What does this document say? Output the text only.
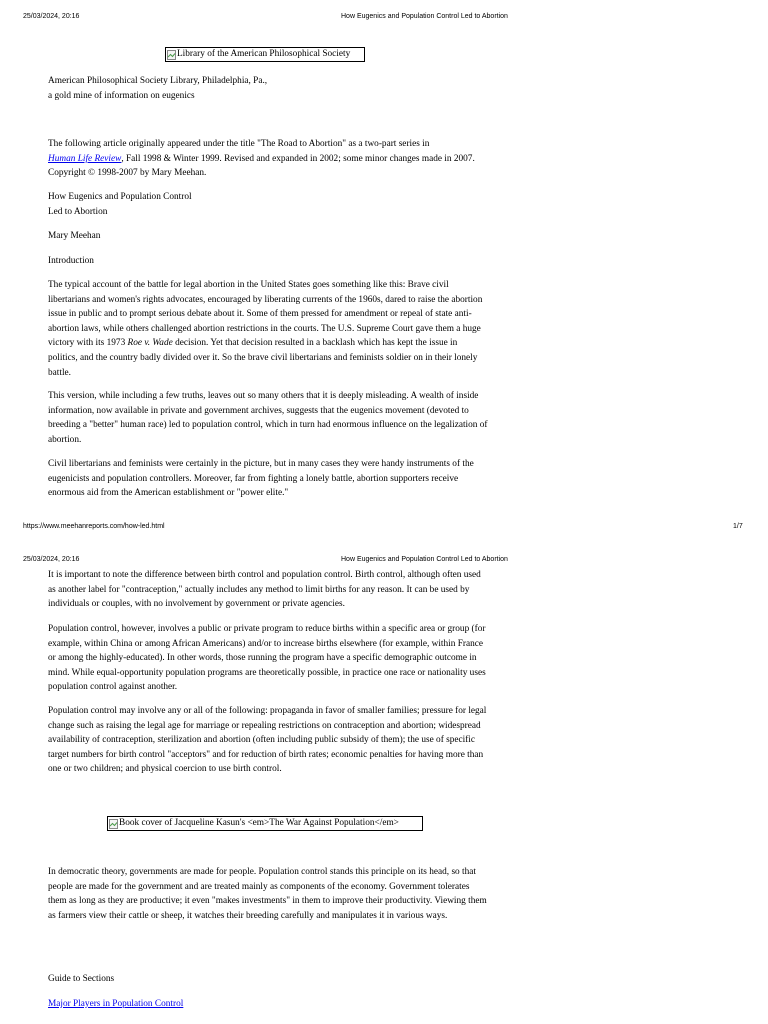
25/03/2024, 20:16	How Eugenics and Population Control Led to Abortion
Library of the American Philosophical Society

American Philosophical Society Library, Philadelphia, Pa.,

a gold mine of information on eugenics

The following article originally appeared under the title "The Road to Abortion" as a two-part series in
Human Life Review, Fall 1998 & Winter 1999. Revised and expanded in 2002; some minor changes made in 2007. Copyright © 1998-2007 by Mary Meehan.

How Eugenics and Population Control

Led to Abortion

Mary Meehan
Introduction

The typical account of the battle for legal abortion in the United States goes something like this: Brave civil libertarians and women's rights advocates, encouraged by liberating currents of the 1960s, dared to raise the abortion issue in public and to prompt serious debate about it. Some of them pressed for amendment or repeal of state anti-abortion laws, while others challenged abortion restrictions in the courts. The U.S. Supreme Court gave them a huge victory with its 1973 Roe v. Wade decision. Yet that decision resulted in a backlash which has kept the issue in politics, and the country badly divided over it. So the brave civil libertarians and feminists soldier on in their lonely battle.

This version, while including a few truths, leaves out so many others that it is deeply misleading. A wealth of inside information, now available in private and government archives, suggests that the eugenics movement (devoted to breeding a "better" human race) led to population control, which in turn had enormous influence on the legalization of abortion.
Civil libertarians and feminists were certainly in the picture, but in many cases they were handy instruments of the eugenicists and population controllers. Moreover, far from fighting a lonely battle, abortion supporters receive enormous aid from the American establishment or "power elite."
https://www.meehanreports.com/how-led.html	1/7
25/03/2024, 20:16	How Eugenics and Population Control Led to Abortion
It is important to note the difference between birth control and population control. Birth control, although often used as another label for "contraception," actually includes any method to limit births for any reason. It can be used by individuals or couples, with no involvement by government or private agencies.
Population control, however, involves a public or private program to reduce births within a specific area or group (for example, within China or among African Americans) and/or to increase births elsewhere (for example, within France or among the highly-educated). In other words, those running the program have a specific demographic outcome in mind. While equal-opportunity population programs are theoretically possible, in practice one race or nationality uses population control against another.
Population control may involve any or all of the following: propaganda in favor of smaller families; pressure for legal change such as raising the legal age for marriage or repealing restrictions on contraception and abortion; widespread availability of contraception, sterilization and abortion (often including public subsidy of them); the use of specific target numbers for birth control "acceptors" and for reduction of birth rates; economic penalties for having more than one or two children; and physical coercion to use birth control.
Book cover of Jacqueline Kasun's <em>The War Against Population</em>
In democratic theory, governments are made for people. Population control stands this principle on its head, so that people are made for the government and are treated mainly as components of the economy. Government tolerates them as long as they are productive; it even "makes investments" in them to improve their productivity. Viewing them as farmers view their cattle or sheep, it watches their breeding carefully and manipulates it in various ways.
Guide to Sections
Major Players in Population Control
